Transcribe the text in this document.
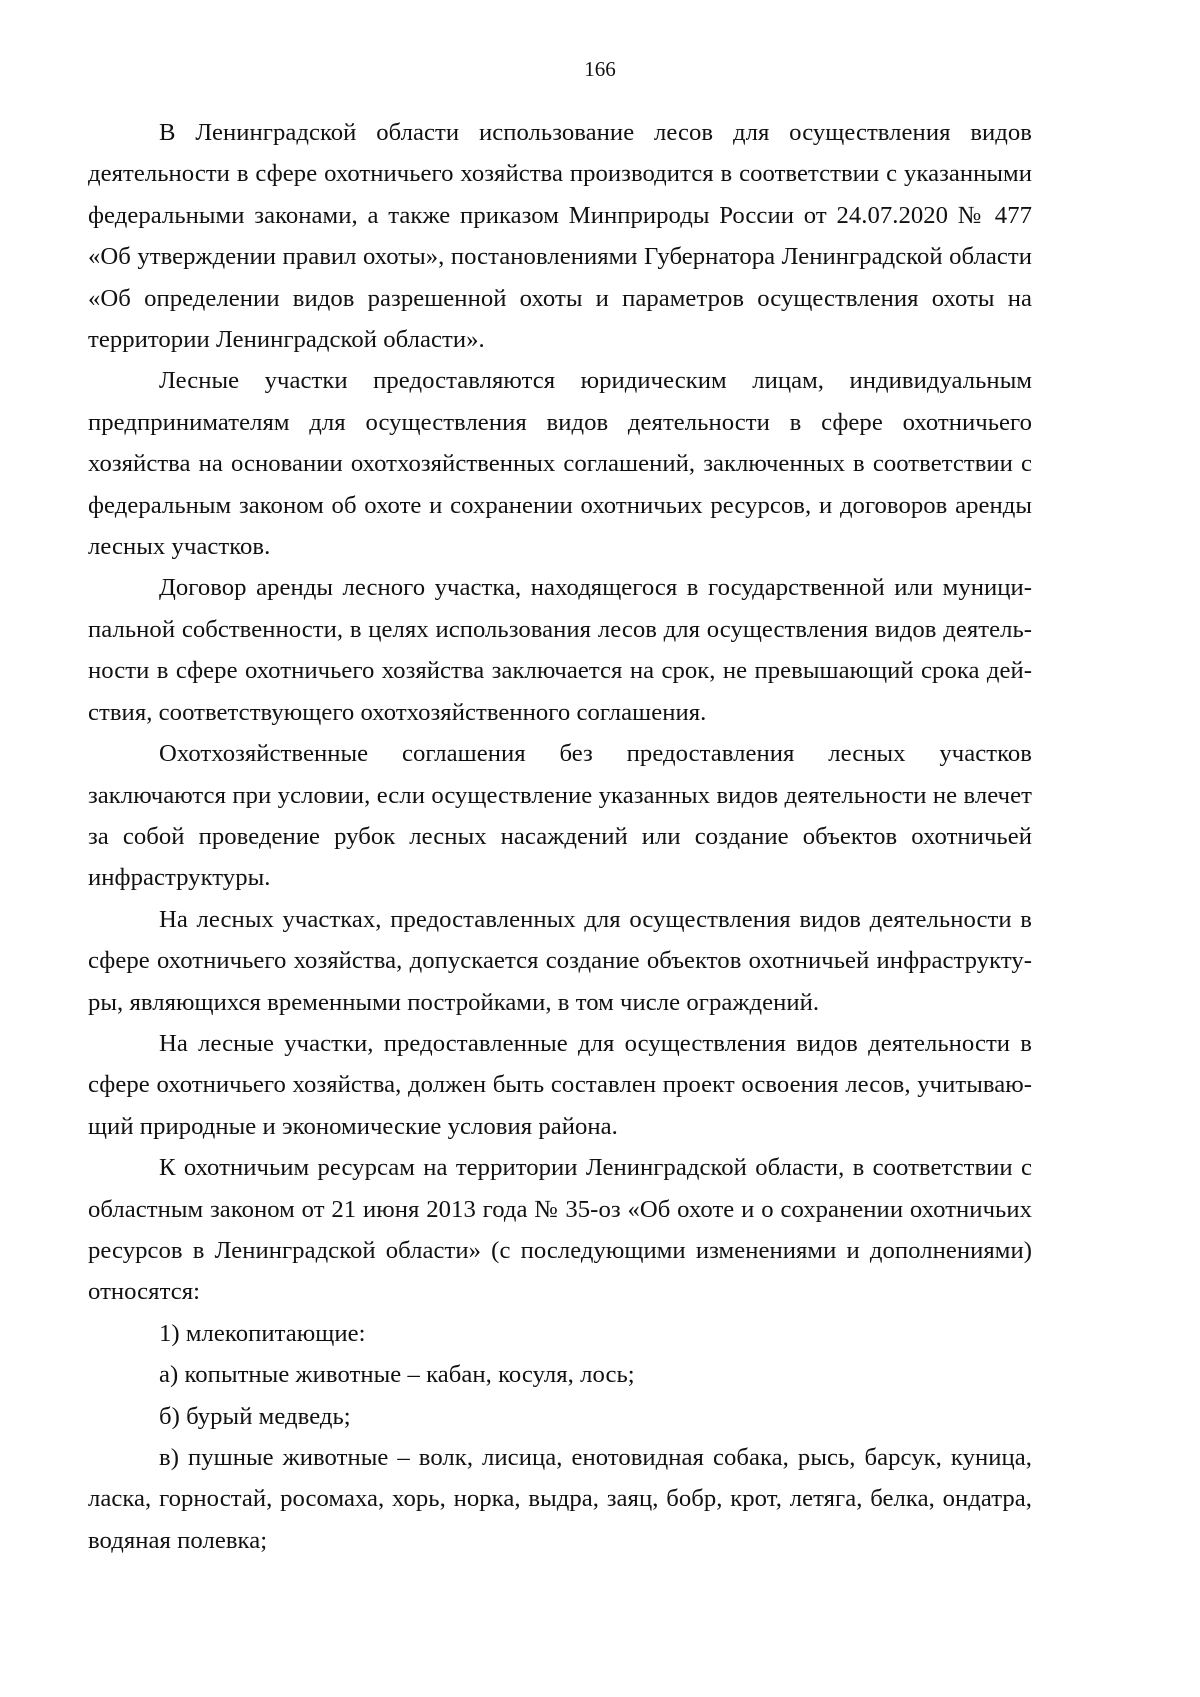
166

В Ленинградской области использование лесов для осуществления видов деятельности в сфере охотничьего хозяйства производится в соответствии с указанными федеральными законами, а также приказом Минприроды России от 24.07.2020 № 477 «Об утверждении правил охоты», постановлениями Губернатора Ленинградской области «Об определении видов разрешенной охоты и параметров осуществления охоты на территории Ленинградской области».

Лесные участки предоставляются юридическим лицам, индивидуальным предпринимателям для осуществления видов деятельности в сфере охотничьего хозяйства на основании охотхозяйственных соглашений, заключенных в соответствии с федеральным законом об охоте и сохранении охотничьих ресурсов, и договоров аренды лесных участков.

Договор аренды лесного участка, находящегося в государственной или муниципальной собственности, в целях использования лесов для осуществления видов деятельности в сфере охотничьего хозяйства заключается на срок, не превышающий срока действия, соответствующего охотхозяйственного соглашения.

Охотхозяйственные соглашения без предоставления лесных участков заключаются при условии, если осуществление указанных видов деятельности не влечет за собой проведение рубок лесных насаждений или создание объектов охотничьей инфраструктуры.

На лесных участках, предоставленных для осуществления видов деятельности в сфере охотничьего хозяйства, допускается создание объектов охотничьей инфраструктуры, являющихся временными постройками, в том числе ограждений.

На лесные участки, предоставленные для осуществления видов деятельности в сфере охотничьего хозяйства, должен быть составлен проект освоения лесов, учитывающий природные и экономические условия района.

К охотничьим ресурсам на территории Ленинградской области, в соответствии с областным законом от 21 июня 2013 года № 35-оз «Об охоте и о сохранении охотничьих ресурсов в Ленинградской области» (с последующими изменениями и дополнениями) относятся:

1) млекопитающие:

а) копытные животные – кабан, косуля, лось;

б) бурый медведь;

в) пушные животные – волк, лисица, енотовидная собака, рысь, барсук, куница, ласка, горностай, росомаха, хорь, норка, выдра, заяц, бобр, крот, летяга, белка, ондатра, водяная полевка;
